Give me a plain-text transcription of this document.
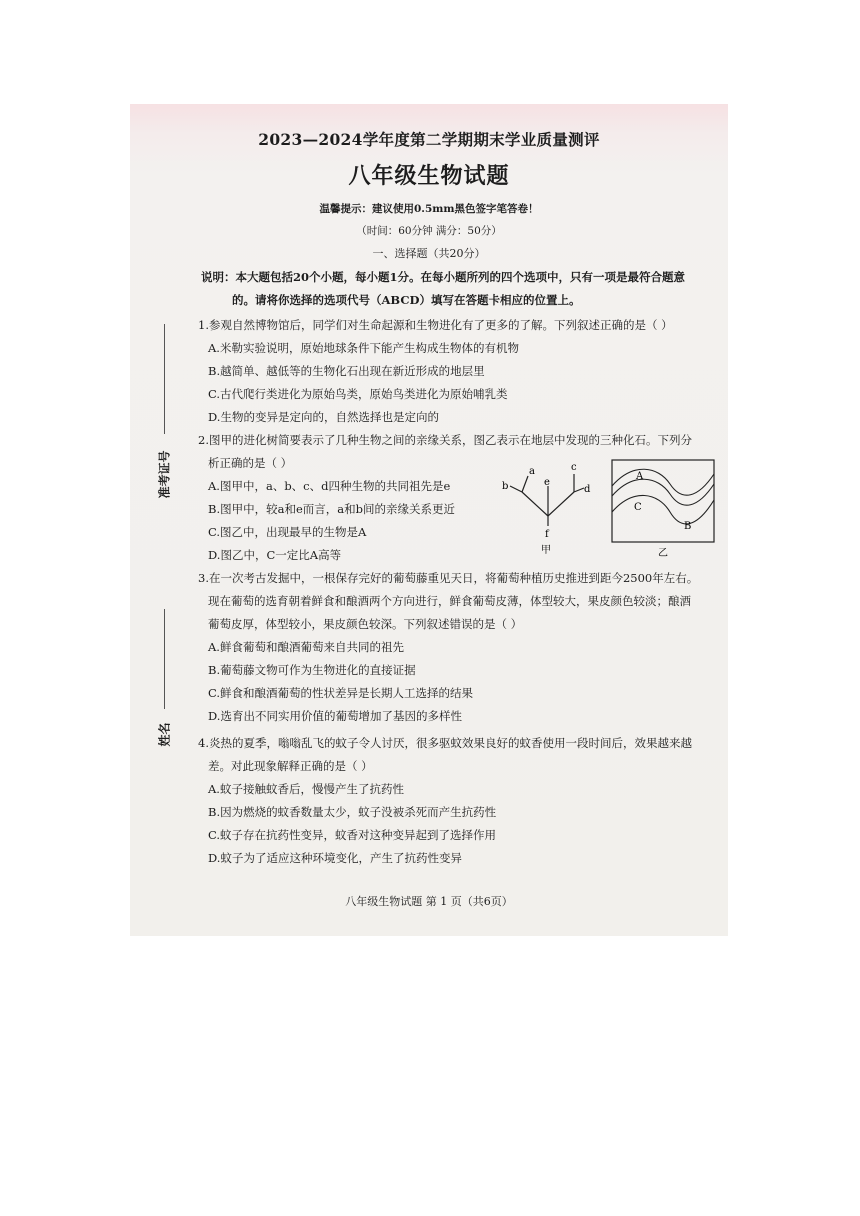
2023—2024学年度第二学期期末学业质量测评
八年级生物试题
温馨提示：建议使用0.5mm黑色签字笔答卷！
（时间：60分钟 满分：50分）
一、选择题（共20分）
说明：本大题包括20个小题，每小题1分。在每小题所列的四个选项中，只有一项是最符合题意
的。请将你选择的选项代号（ABCD）填写在答题卡相应的位置上。
准考证号
姓名
1.参观自然博物馆后，同学们对生命起源和生物进化有了更多的了解。下列叙述正确的是（ ）
A.米勒实验说明，原始地球条件下能产生构成生物体的有机物
B.越简单、越低等的生物化石出现在新近形成的地层里
C.古代爬行类进化为原始鸟类，原始鸟类进化为原始哺乳类
D.生物的变异是定向的，自然选择也是定向的
2.图甲的进化树简要表示了几种生物之间的亲缘关系，图乙表示在地层中发现的三种化石。下列分
析正确的是（ ）
A.图甲中，a、b、c、d四种生物的共同祖先是e
B.图甲中，较a和e而言，a和b间的亲缘关系更近
C.图乙中，出现最早的生物是A
D.图乙中，C一定比A高等
a
b
c
d
e
f
甲
A
C
B
乙
3.在一次考古发掘中，一根保存完好的葡萄藤重见天日，将葡萄种植历史推进到距今2500年左右。
现在葡萄的选育朝着鲜食和酿酒两个方向进行，鲜食葡萄皮薄，体型较大，果皮颜色较淡；酿酒
葡萄皮厚，体型较小，果皮颜色较深。下列叙述错误的是（ ）
A.鲜食葡萄和酿酒葡萄来自共同的祖先
B.葡萄藤文物可作为生物进化的直接证据
C.鲜食和酿酒葡萄的性状差异是长期人工选择的结果
D.选育出不同实用价值的葡萄增加了基因的多样性
4.炎热的夏季，嗡嗡乱飞的蚊子令人讨厌，很多驱蚊效果良好的蚊香使用一段时间后，效果越来越
差。对此现象解释正确的是（ ）
A.蚊子接触蚊香后，慢慢产生了抗药性
B.因为燃烧的蚊香数量太少，蚊子没被杀死而产生抗药性
C.蚊子存在抗药性变异，蚊香对这种变异起到了选择作用
D.蚊子为了适应这种环境变化，产生了抗药性变异
八年级生物试题 第 1 页（共6页）
